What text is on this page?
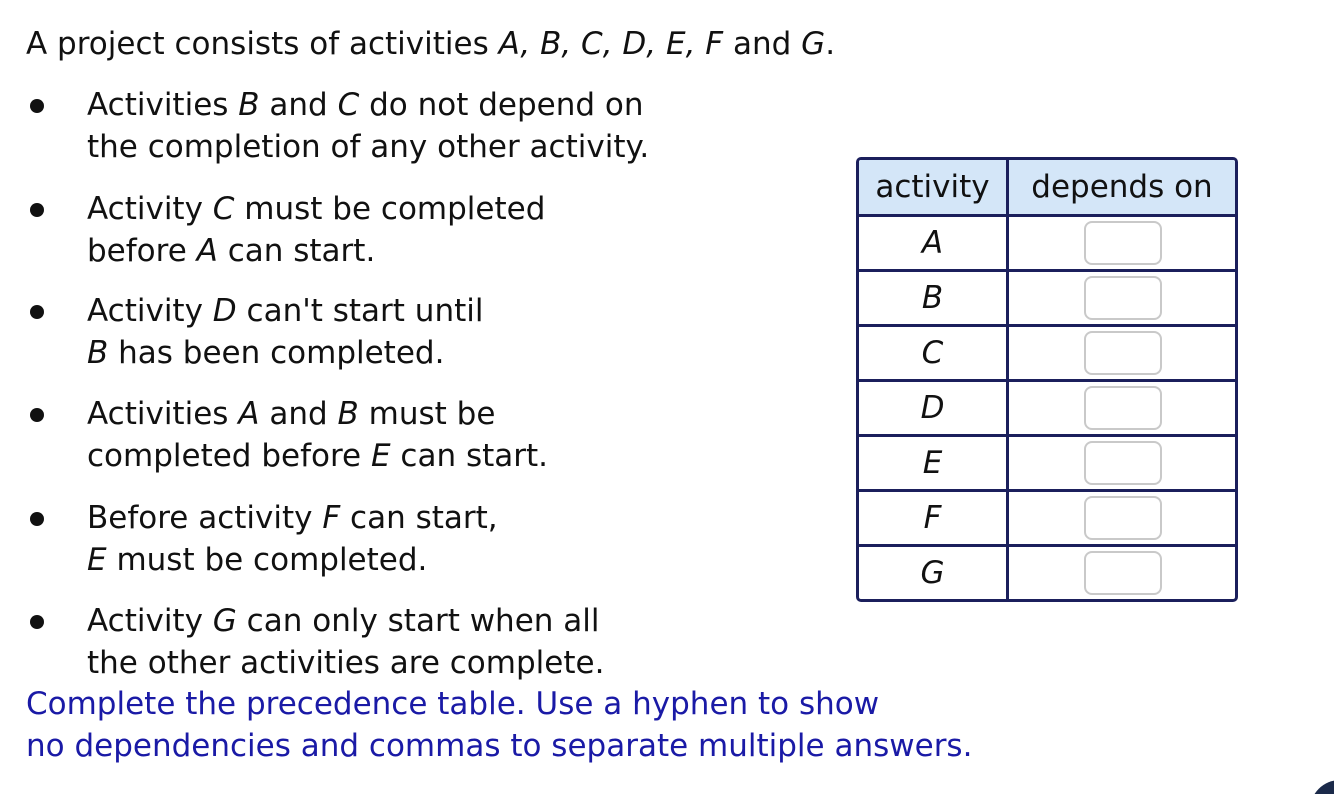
A project consists of activities A, B, C, D, E, F and G.
Activities B and C do not depend on
the completion of any other activity.
Activity C must be completed
before A can start.
Activity D can't start until
B has been completed.
Activities A and B must be
completed before E can start.
Before activity F can start,
E must be completed.
Activity G can only start when all
the other activities are complete.
Complete the precedence table. Use a hyphen to show
no dependencies and commas to separate multiple answers.
activity	depends on
A
B
C
D
E
F
G
